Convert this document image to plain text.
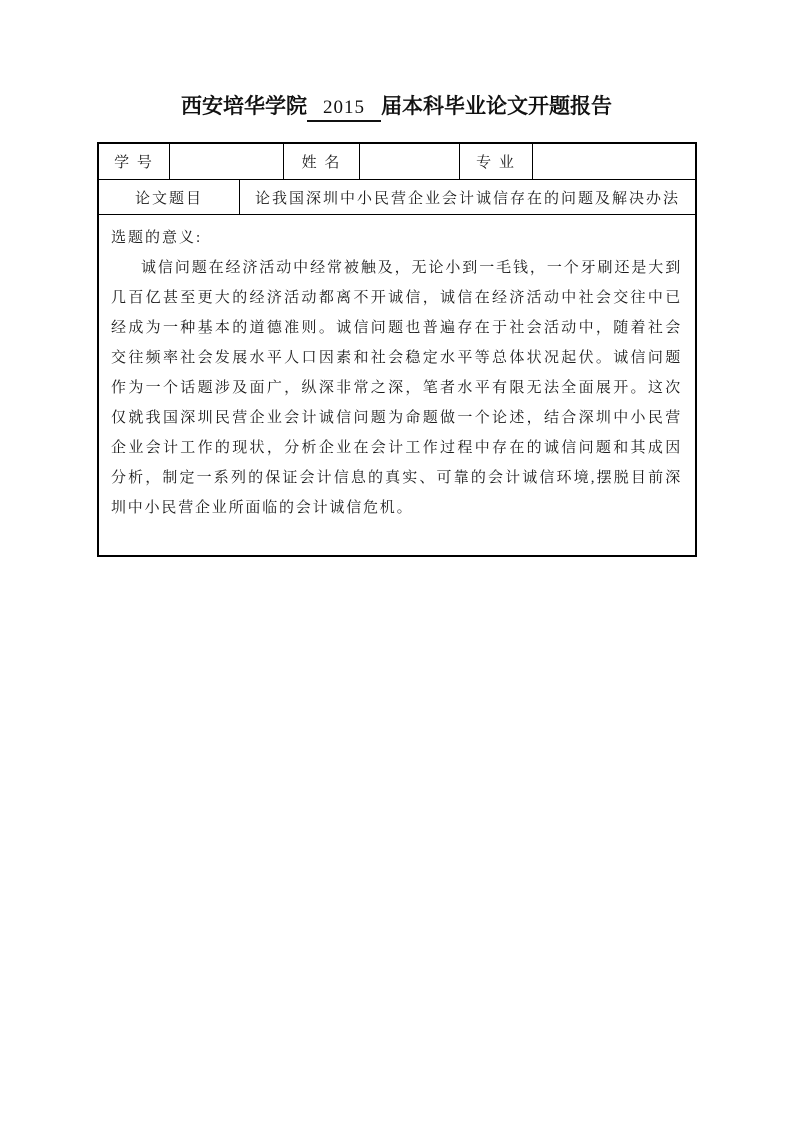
西安培华学院 2015 届本科毕业论文开题报告
学 号	姓 名	专 业
论文题目	论我国深圳中小民营企业会计诚信存在的问题及解决办法
选题的意义:

诚信问题在经济活动中经常被触及，无论小到一毛钱，一个牙刷还是大到几百亿甚至更大的经济活动都离不开诚信，诚信在经济活动中社会交往中已经成为一种基本的道德准则。诚信问题也普遍存在于社会活动中，随着社会交往频率社会发展水平人口因素和社会稳定水平等总体状况起伏。诚信问题作为一个话题涉及面广，纵深非常之深，笔者水平有限无法全面展开。这次仅就我国深圳民营企业会计诚信问题为命题做一个论述，结合深圳中小民营企业会计工作的现状，分析企业在会计工作过程中存在的诚信问题和其成因分析，制定一系列的保证会计信息的真实、可靠的会计诚信环境,摆脱目前深圳中小民营企业所面临的会计诚信危机。
